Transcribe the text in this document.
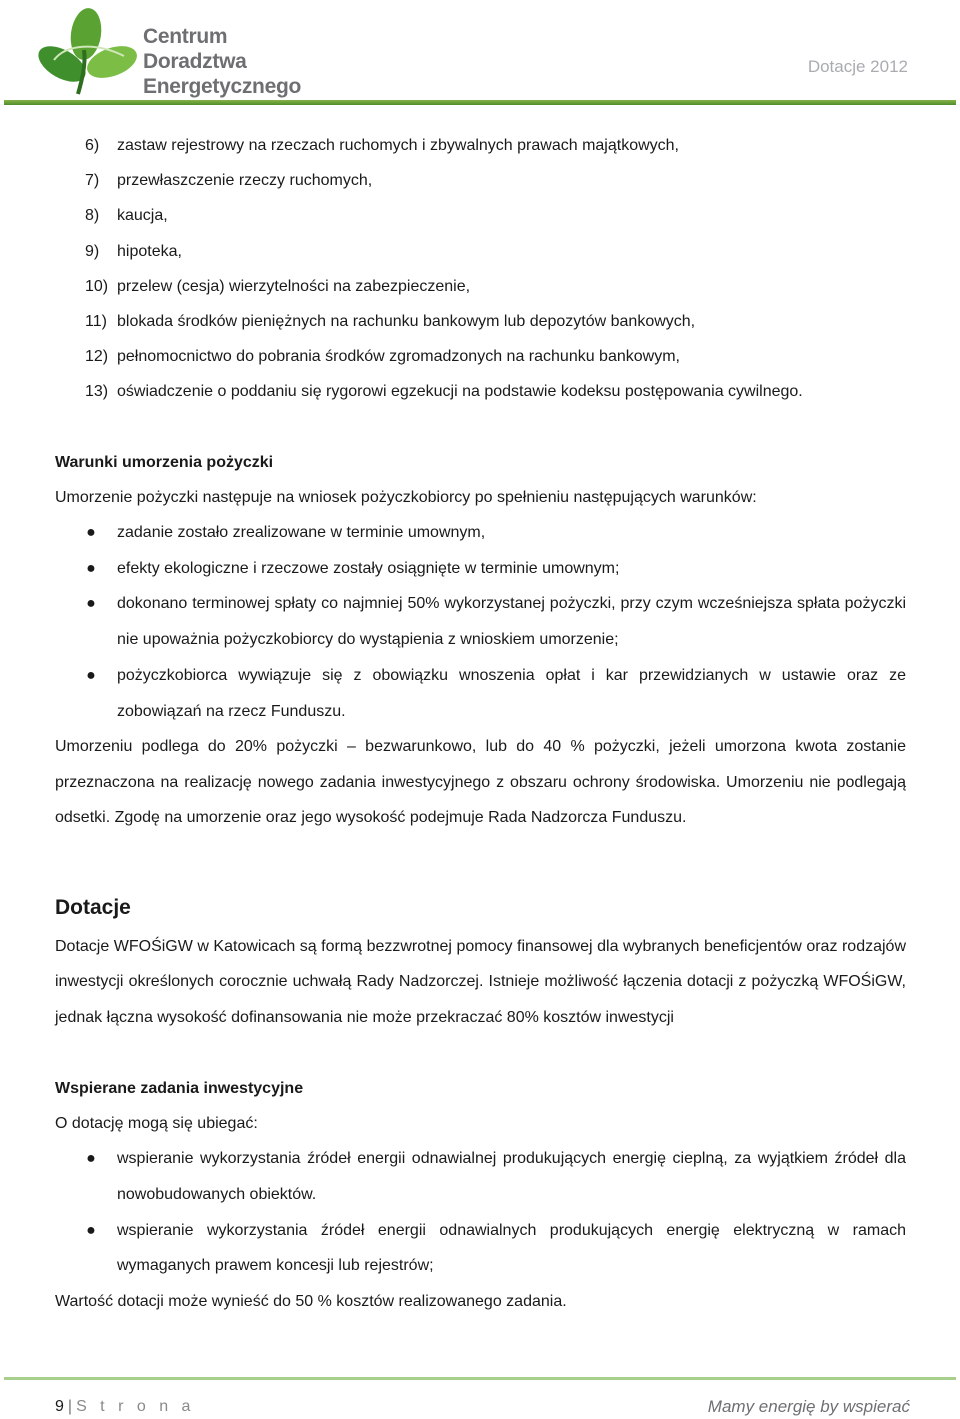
Centrum
Doradztwa
Energetycznego
Dotacje 2012
6)	zastaw rejestrowy na rzeczach ruchomych i zbywalnych prawach majątkowych,
7)	przewłaszczenie rzeczy ruchomych,
8)	kaucja,
9)	hipoteka,
10) przelew (cesja) wierzytelności na zabezpieczenie,
11) blokada środków pieniężnych na rachunku bankowym lub depozytów bankowych,
12) pełnomocnictwo do pobrania środków zgromadzonych na rachunku bankowym,
13) oświadczenie o poddaniu się rygorowi egzekucji na podstawie kodeksu postępowania cywilnego.
Warunki umorzenia pożyczki

Umorzenie pożyczki następuje na wniosek pożyczkobiorcy po spełnieniu następujących warunków:

● zadanie zostało zrealizowane w terminie umownym,
● efekty ekologiczne i rzeczowe zostały osiągnięte w terminie umownym;
● dokonano terminowej spłaty co najmniej 50% wykorzystanej pożyczki, przy czym wcześniejsza spłata pożyczki nie upoważnia pożyczkobiorcy do wystąpienia z wnioskiem umorzenie;
● pożyczkobiorca wywiązuje się z obowiązku wnoszenia opłat i kar przewidzianych w ustawie oraz ze zobowiązań na rzecz Funduszu.

Umorzeniu podlega do 20% pożyczki – bezwarunkowo, lub do 40 % pożyczki, jeżeli umorzona kwota zostanie przeznaczona na realizację nowego zadania inwestycyjnego z obszaru ochrony środowiska. Umorzeniu nie podlegają odsetki. Zgodę na umorzenie oraz jego wysokość podejmuje Rada Nadzorcza Funduszu.

Dotacje

Dotacje WFOŚiGW w Katowicach są formą bezzwrotnej pomocy finansowej dla wybranych beneficjentów oraz rodzajów inwestycji określonych corocznie uchwałą Rady Nadzorczej. Istnieje możliwość łączenia dotacji z pożyczką WFOŚiGW, jednak łączna wysokość dofinansowania nie może przekraczać 80% kosztów inwestycji

Wspierane zadania inwestycyjne

O dotację mogą się ubiegać:

● wspieranie wykorzystania źródeł energii odnawialnej produkujących energię cieplną, za wyjątkiem źródeł dla nowobudowanych obiektów.
● wspieranie wykorzystania źródeł energii odnawialnych produkujących energię elektryczną w ramach wymaganych prawem koncesji lub rejestrów;

Wartość dotacji może wynieść do 50 % kosztów realizowanego zadania.

9 | S t r o n a	Mamy energię by wspierać
